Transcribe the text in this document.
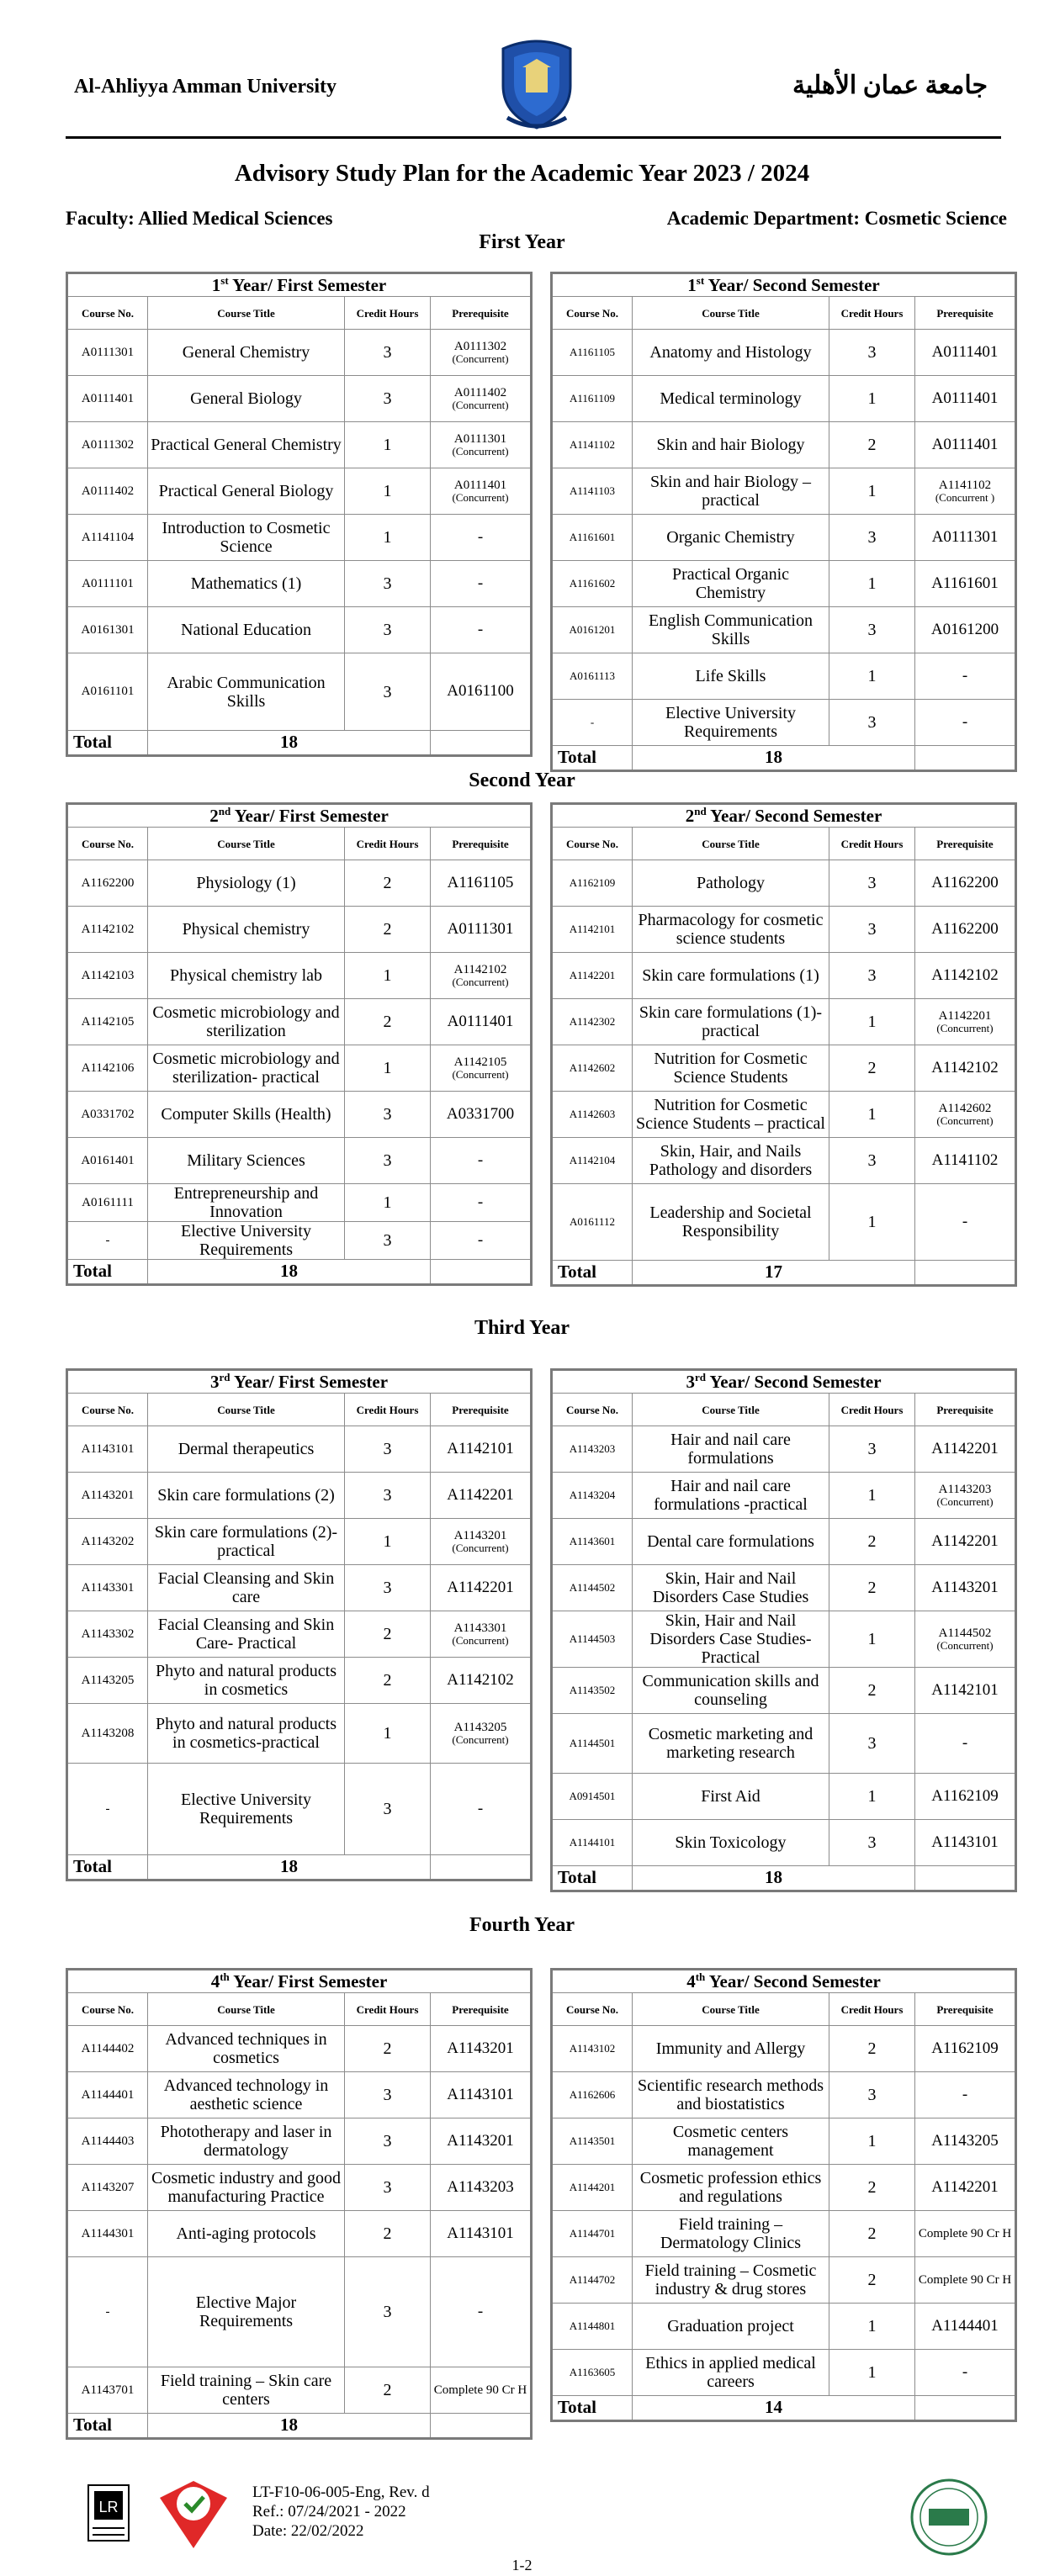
Al-Ahliyya Amman University	جامعة عمان الأهلية
Advisory Study Plan for the Academic Year 2023 / 2024
Faculty: Allied Medical Sciences	Academic Department: Cosmetic Science
First Year
1st Year/ First Semester			
Course No.	Course Title	Credit Hours	Prerequisite
A0111301	General Chemistry	3	A0111302
(Concurrent)

A0111401	General Biology	3	A0111402
(Concurrent)

A0111302	Practical General Chemistry	1	A0111301
(Concurrent)

A0111402	Practical General Biology	1	A0111401
(Concurrent)

A1141104	Introduction to Cosmetic Science	1	-
A0111101	Mathematics (1)	3	-
A0161301	National Education	3	-
A0161101	Arabic Communication Skills	3	A0161100
Total	18		
1st Year/ Second Semester			
Course No.	Course Title	Credit Hours	Prerequisite
A1161105	Anatomy and Histology	3	A0111401
A1161109	Medical terminology	1	A0111401
A1141102	Skin and hair Biology	2	A0111401
A1141103	Skin and hair Biology – practical	1	A1141102
(Concurrent )

A1161601	Organic Chemistry	3	A0111301
A1161602	Practical Organic Chemistry	1	A1161601
A0161201	English Communication Skills	3	A0161200
A0161113	Life Skills	1	-
-	Elective University Requirements	3	-
Total	18		
Second Year
2nd Year/ First Semester			
Course No.	Course Title	Credit Hours	Prerequisite
A1162200	Physiology (1)	2	A1161105
A1142102	Physical chemistry	2	A0111301
A1142103	Physical chemistry lab	1	A1142102
(Concurrent)

A1142105	Cosmetic microbiology and sterilization	2	A0111401
A1142106	Cosmetic microbiology and sterilization- practical	1	A1142105
(Concurrent)

A0331702	Computer Skills (Health)	3	A0331700
A0161401	Military Sciences	3	-
A0161111	Entrepreneurship and Innovation	1	-
-	Elective University Requirements	3	-
Total	18		
2nd Year/ Second Semester			
Course No.	Course Title	Credit Hours	Prerequisite
A1162109	Pathology	3	A1162200
A1142101	Pharmacology for cosmetic science students	3	A1162200
A1142201	Skin care formulations (1)	3	A1142102
A1142302	Skin care formulations (1)- practical	1	A1142201
(Concurrent)

A1142602	Nutrition for Cosmetic Science Students	2	A1142102
A1142603	Nutrition for Cosmetic Science Students – practical	1	A1142602
(Concurrent)

A1142104	Skin, Hair, and Nails Pathology and disorders	3	A1141102
A0161112	Leadership and Societal Responsibility	1	-
Total	17		
Third Year
3rd Year/ First Semester			
Course No.	Course Title	Credit Hours	Prerequisite
A1143101	Dermal therapeutics	3	A1142101
A1143201	Skin care formulations (2)	3	A1142201
A1143202	Skin care formulations (2)- practical	1	A1143201
(Concurrent)

A1143301	Facial Cleansing and Skin care	3	A1142201
A1143302	Facial Cleansing and Skin Care- Practical	2	A1143301
(Concurrent)

A1143205	Phyto and natural products in cosmetics	2	A1142102
A1143208	Phyto and natural products in cosmetics-practical	1	A1143205
(Concurrent)

-	Elective University Requirements	3	-
Total	18		
3rd Year/ Second Semester			
Course No.	Course Title	Credit Hours	Prerequisite
A1143203	Hair and nail care formulations	3	A1142201
A1143204	Hair and nail care formulations -practical	1	A1143203
(Concurrent)

A1143601	Dental care formulations	2	A1142201
A1144502	Skin, Hair and Nail Disorders Case Studies	2	A1143201
A1144503	Skin, Hair and Nail Disorders Case Studies-Practical	1	A1144502
(Concurrent)

A1143502	Communication skills and counseling	2	A1142101
A1144501	Cosmetic marketing and marketing research	3	-
A0914501	First Aid	1	A1162109
A1144101	Skin Toxicology	3	A1143101
Total	18		
Fourth Year
4th Year/ First Semester			
Course No.	Course Title	Credit Hours	Prerequisite
A1144402	Advanced techniques in cosmetics	2	A1143201
A1144401	Advanced technology in aesthetic science	3	A1143101
A1144403	Phototherapy and laser in dermatology	3	A1143201
A1143207	Cosmetic industry and good manufacturing Practice	3	A1143203
A1144301	Anti-aging protocols	2	A1143101
-	Elective Major Requirements	3	-
A1143701	Field training – Skin care centers	2	Complete 90 Cr H
Total	18		
4th Year/ Second Semester			
Course No.	Course Title	Credit Hours	Prerequisite
A1143102	Immunity and Allergy	2	A1162109
A1162606	Scientific research methods and biostatistics	3	-
A1143501	Cosmetic centers management	1	A1143205
A1144201	Cosmetic profession ethics and regulations	2	A1142201
A1144701	Field training – Dermatology Clinics	2	Complete 90 Cr H
A1144702	Field training – Cosmetic industry & drug stores	2	Complete 90 Cr H
A1144801	Graduation project	1	A1144401
A1163605	Ethics in applied medical careers	1	-
Total	14		
LR
LT-F10-06-005-Eng, Rev. d
Ref.: 07/24/2021 - 2022
Date: 22/02/2022
1-2
